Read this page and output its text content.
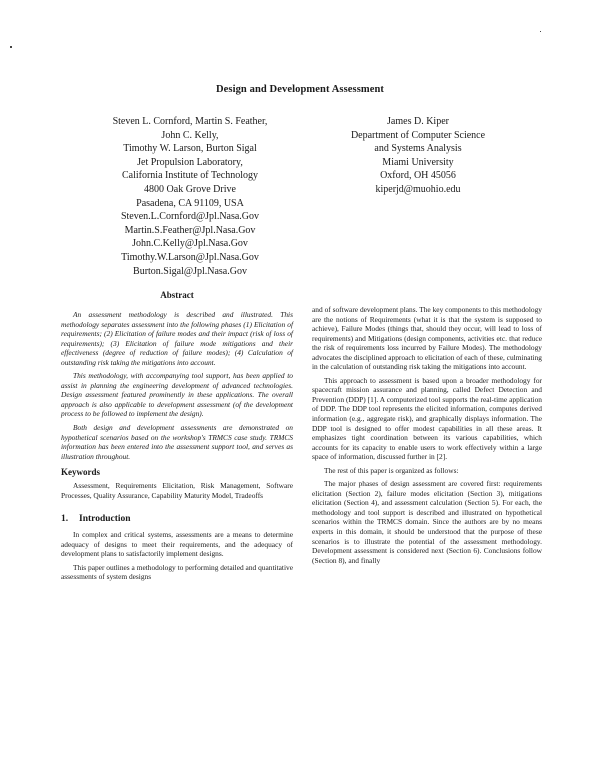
Design and Development Assessment
Steven L. Cornford, Martin S. Feather,
John C. Kelly,
Timothy W. Larson, Burton Sigal
Jet Propulsion Laboratory,
California Institute of Technology
4800 Oak Grove Drive
Pasadena, CA 91109, USA
Steven.L.Cornford@Jpl.Nasa.Gov
Martin.S.Feather@Jpl.Nasa.Gov
John.C.Kelly@Jpl.Nasa.Gov
Timothy.W.Larson@Jpl.Nasa.Gov
Burton.Sigal@Jpl.Nasa.Gov
James D. Kiper
Department of Computer Science
and Systems Analysis
Miami University
Oxford, OH 45056
kiperjd@muohio.edu
Abstract

An assessment methodology is described and illustrated. This methodology separates assessment into the following phases (1) Elicitation of requirements; (2) Elicitation of failure modes and their impact (risk of loss of requirements); (3) Elicitation of failure mode mitigations and their effectiveness (degree of reduction of failure modes); (4) Calculation of outstanding risk taking the mitigations into account.

This methodology, with accompanying tool support, has been applied to assist in planning the engineering development of advanced technologies. Design assessment featured prominently in these applications. The overall approach is also applicable to development assessment (of the development process to be followed to implement the design).

Both design and development assessments are demonstrated on hypothetical scenarios based on the workshop's TRMCS case study. TRMCS information has been entered into the assessment support tool, and serves as illustration throughout.

Keywords

Assessment, Requirements Elicitation, Risk Management, Software Processes, Quality Assurance, Capability Maturity Model, Tradeoffs

1. Introduction

In complex and critical systems, assessments are a means to determine adequacy of designs to meet their requirements, and the adequacy of development plans to satisfactorily implement designs.

This paper outlines a methodology to performing detailed and quantitative assessments of system designs

and of software development plans. The key components to this methodology are the notions of Requirements (what it is that the system is supposed to achieve), Failure Modes (things that, should they occur, will lead to loss of requirements) and Mitigations (design components, activities etc. that reduce the risk of requirements loss incurred by Failure Modes). The methodology advocates the disciplined approach to elicitation of each of these, culminating in the calculation of outstanding risk taking the mitigations into account.

This approach to assessment is based upon a broader methodology for spacecraft mission assurance and planning, called Defect Detection and Prevention (DDP) [1]. A computerized tool supports the real-time application of DDP. The DDP tool represents the elicited information, computes derived information (e.g., aggregate risk), and graphically displays information. The DDP tool is designed to offer modest capabilities in all these areas. It emphasizes tight coordination between its various capabilities, which accounts for its capacity to enable users to work effectively within a large space of information, discussed further in [2].

The rest of this paper is organized as follows:

The major phases of design assessment are covered first: requirements elicitation (Section 2), failure modes elicitation (Section 3), mitigations elicitation (Section 4), and assessment calculation (Section 5). For each, the methodology and tool support is described and illustrated on hypothetical scenarios within the TRMCS domain. Since the authors are by no means experts in this domain, it should be understood that the purpose of these scenarios is to illustrate the potential of the assessment methodology. Development assessment is considered next (Section 6). Conclusions follow (Section 8), and finally
